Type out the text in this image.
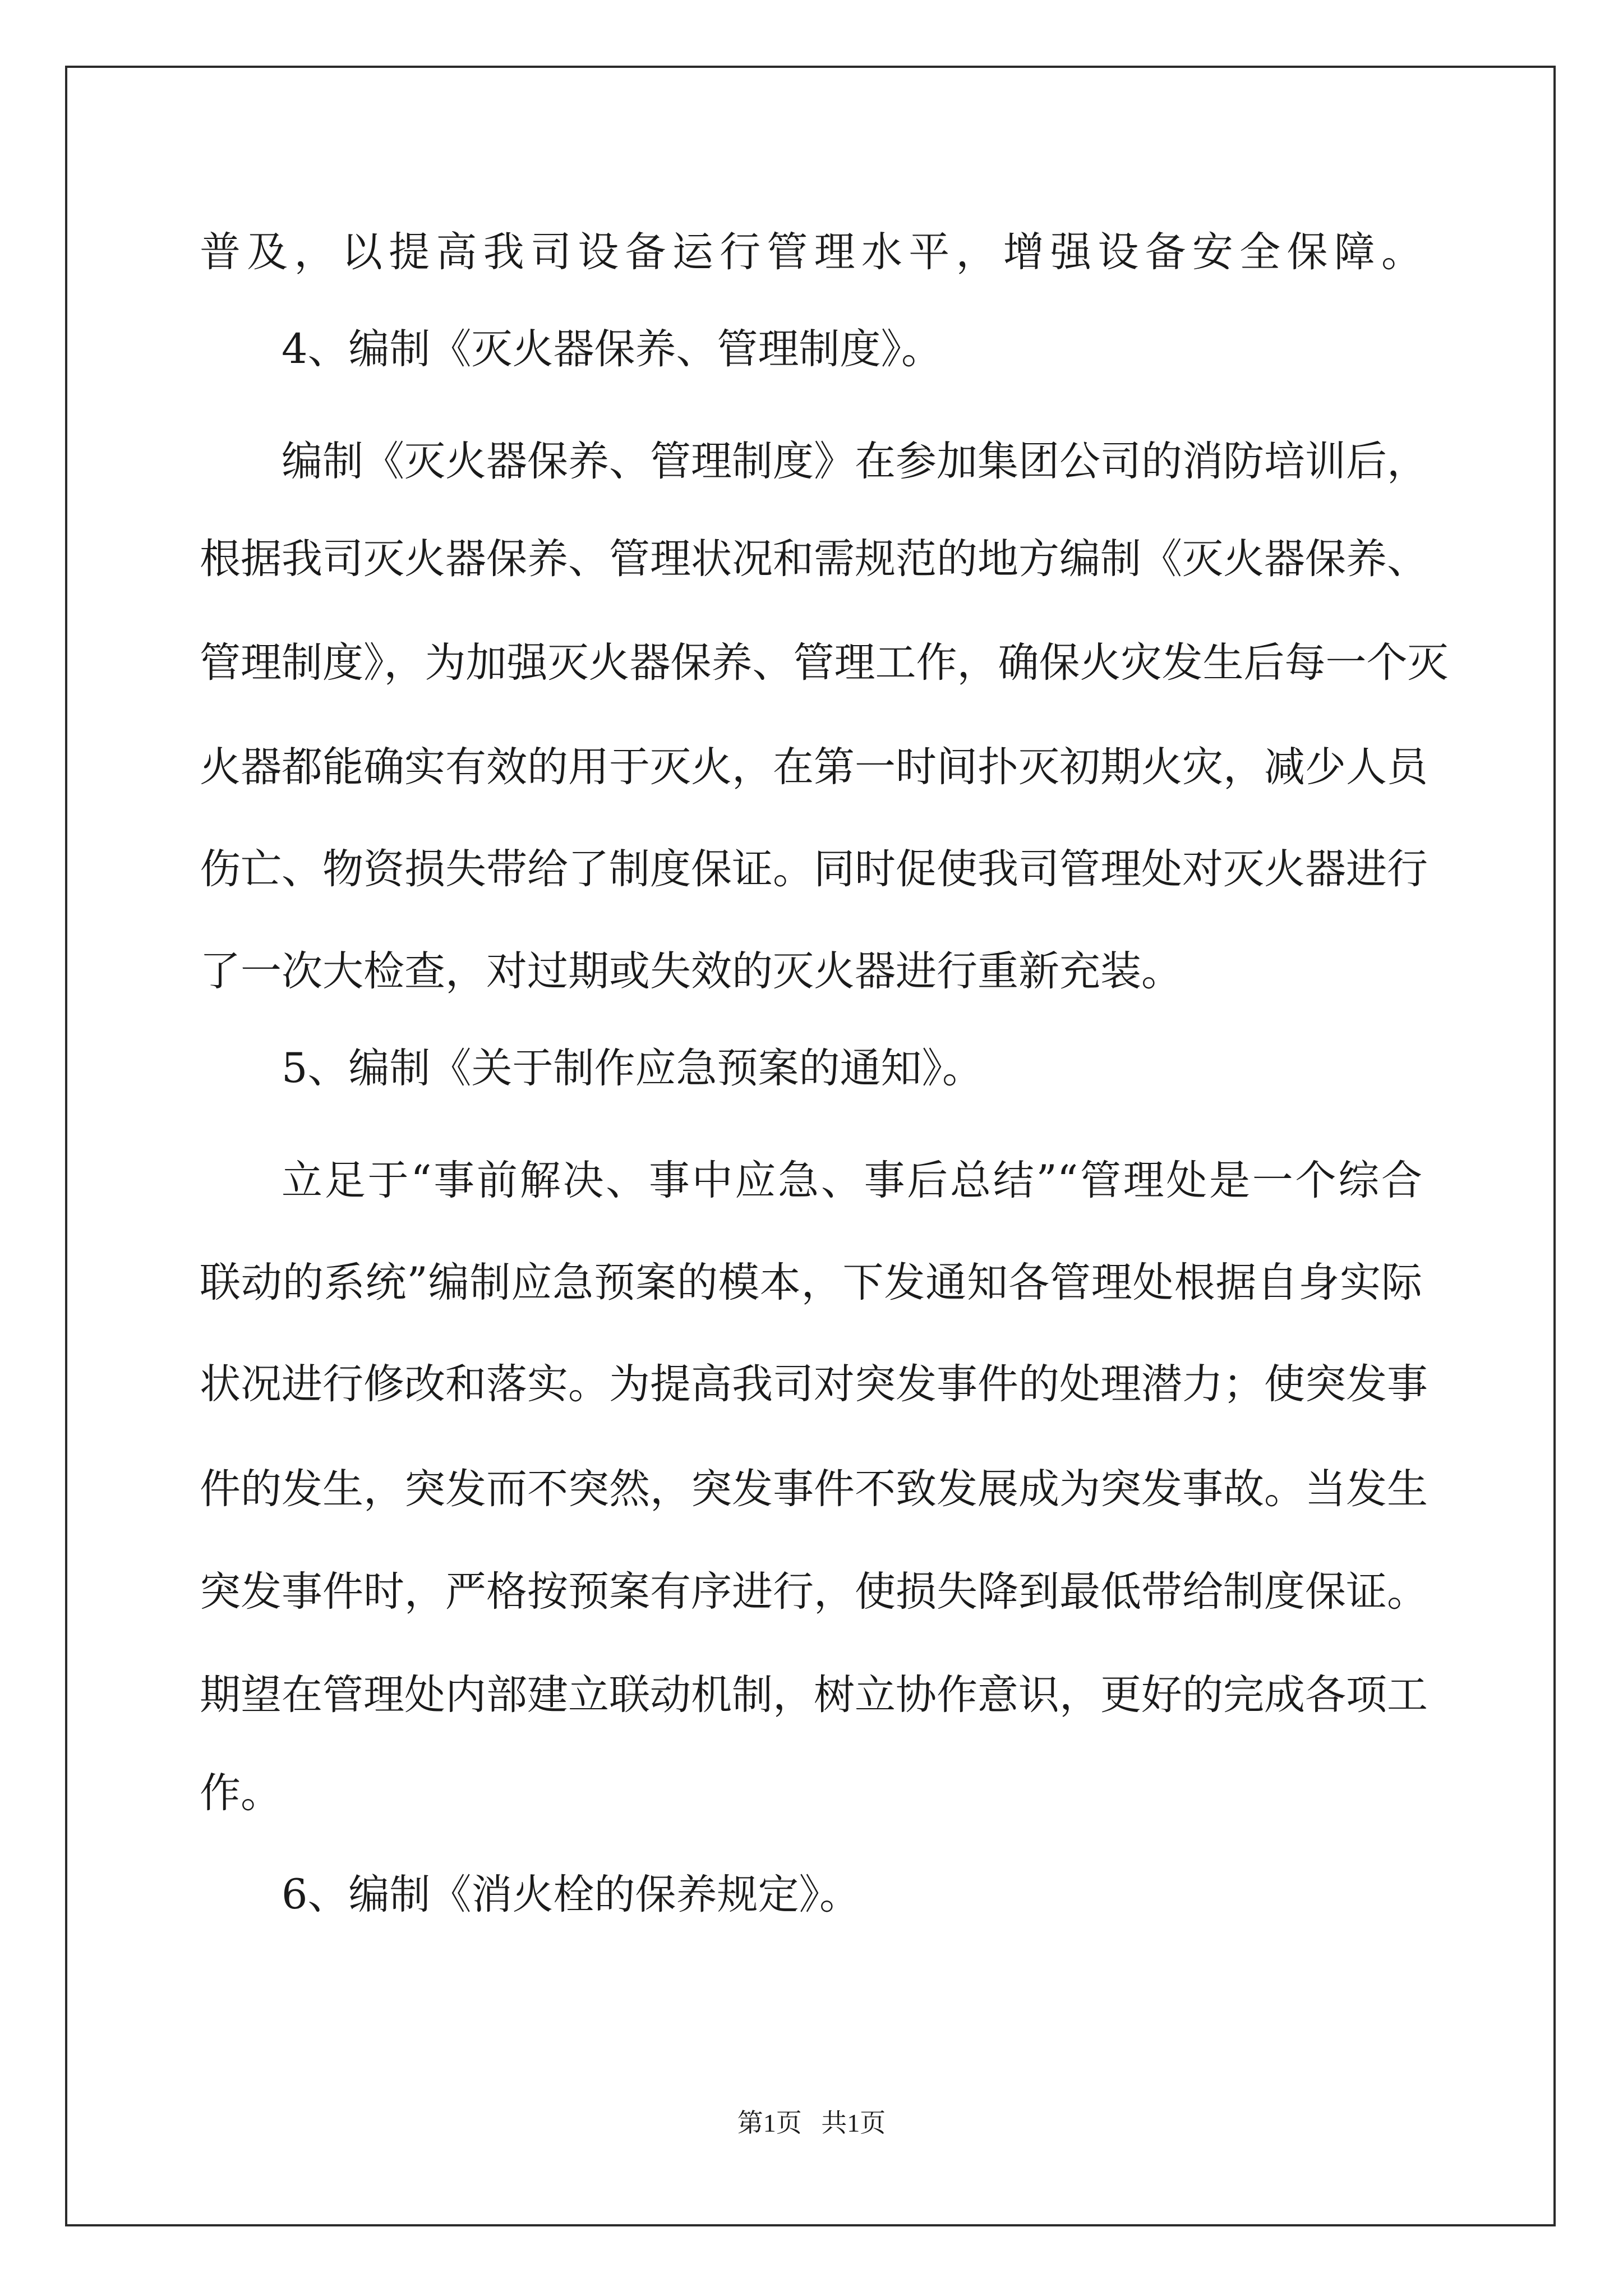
普及，以提高我司设备运行管理水平，增强设备安全保障。

4、编制《灭火器保养、管理制度》。

编制《灭火器保养、管理制度》在参加集团公司的消防培训后，

根据我司灭火器保养、管理状况和需规范的地方编制《灭火器保养、

管理制度》，为加强灭火器保养、管理工作，确保火灾发生后每一个灭

火器都能确实有效的用于灭火，在第一时间扑灭初期火灾，减少人员

伤亡、物资损失带给了制度保证。同时促使我司管理处对灭火器进行

了一次大检查，对过期或失效的灭火器进行重新充装。

5、编制《关于制作应急预案的通知》。

立足于“事前解决、事中应急、事后总结”“管理处是一个综合

联动的系统”编制应急预案的模本，下发通知各管理处根据自身实际

状况进行修改和落实。为提高我司对突发事件的处理潜力；使突发事

件的发生，突发而不突然，突发事件不致发展成为突发事故。当发生

突发事件时，严格按预案有序进行，使损失降到最低带给制度保证。

期望在管理处内部建立联动机制，树立协作意识，更好的完成各项工

作。

6、编制《消火栓的保养规定》。

第1页   共1页
